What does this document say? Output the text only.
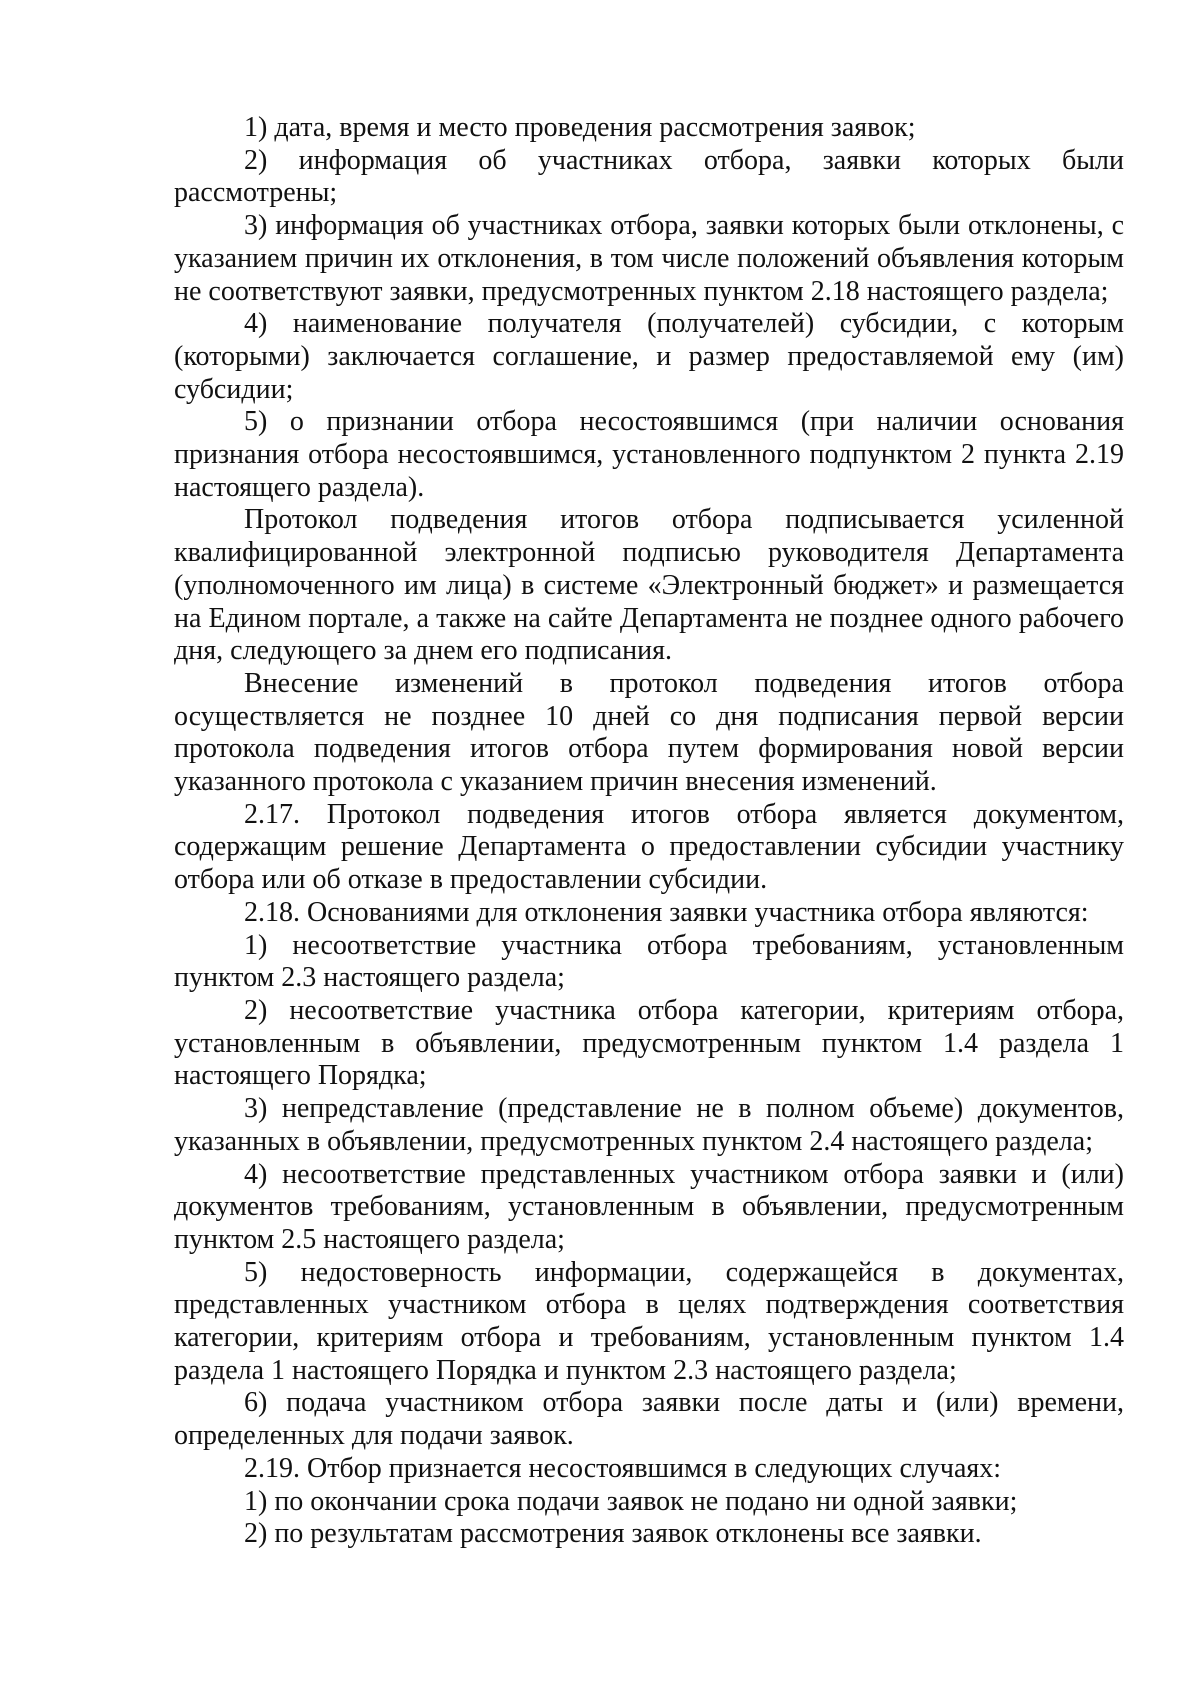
1) дата, время и место проведения рассмотрения заявок;

2) информация об участниках отбора, заявки которых были рассмотрены;

3) информация об участниках отбора, заявки которых были отклонены, с указанием причин их отклонения, в том числе положений объявления которым не соответствуют заявки, предусмотренных пунктом 2.18 настоящего раздела;

4) наименование получателя (получателей) субсидии, с которым (которыми) заключается соглашение, и размер предоставляемой ему (им) субсидии;

5) о признании отбора несостоявшимся (при наличии основания признания отбора несостоявшимся, установленного подпунктом 2 пункта 2.19 настоящего раздела).

Протокол подведения итогов отбора подписывается усиленной квалифицированной электронной подписью руководителя Департамента (уполномоченного им лица) в системе «Электронный бюджет» и размещается на Едином портале, а также на сайте Департамента не позднее одного рабочего дня, следующего за днем его подписания.

Внесение изменений в протокол подведения итогов отбора осуществляется не позднее 10 дней со дня подписания первой версии протокола подведения итогов отбора путем формирования новой версии указанного протокола с указанием причин внесения изменений.

2.17. Протокол подведения итогов отбора является документом, содержащим решение Департамента о предоставлении субсидии участнику отбора или об отказе в предоставлении субсидии.

2.18. Основаниями для отклонения заявки участника отбора являются:

1) несоответствие участника отбора требованиям, установленным пунктом 2.3 настоящего раздела;

2) несоответствие участника отбора категории, критериям отбора, установленным в объявлении, предусмотренным пунктом 1.4 раздела 1 настоящего Порядка;

3) непредставление (представление не в полном объеме) документов, указанных в объявлении, предусмотренных пунктом 2.4 настоящего раздела;

4) несоответствие представленных участником отбора заявки и (или) документов требованиям, установленным в объявлении, предусмотренным пунктом 2.5 настоящего раздела;

5) недостоверность информации, содержащейся в документах, представленных участником отбора в целях подтверждения соответствия категории, критериям отбора и требованиям, установленным пунктом 1.4 раздела 1 настоящего Порядка и пунктом 2.3 настоящего раздела;

6) подача участником отбора заявки после даты и (или) времени, определенных для подачи заявок.

2.19. Отбор признается несостоявшимся в следующих случаях:

1) по окончании срока подачи заявок не подано ни одной заявки;

2) по результатам рассмотрения заявок отклонены все заявки.
